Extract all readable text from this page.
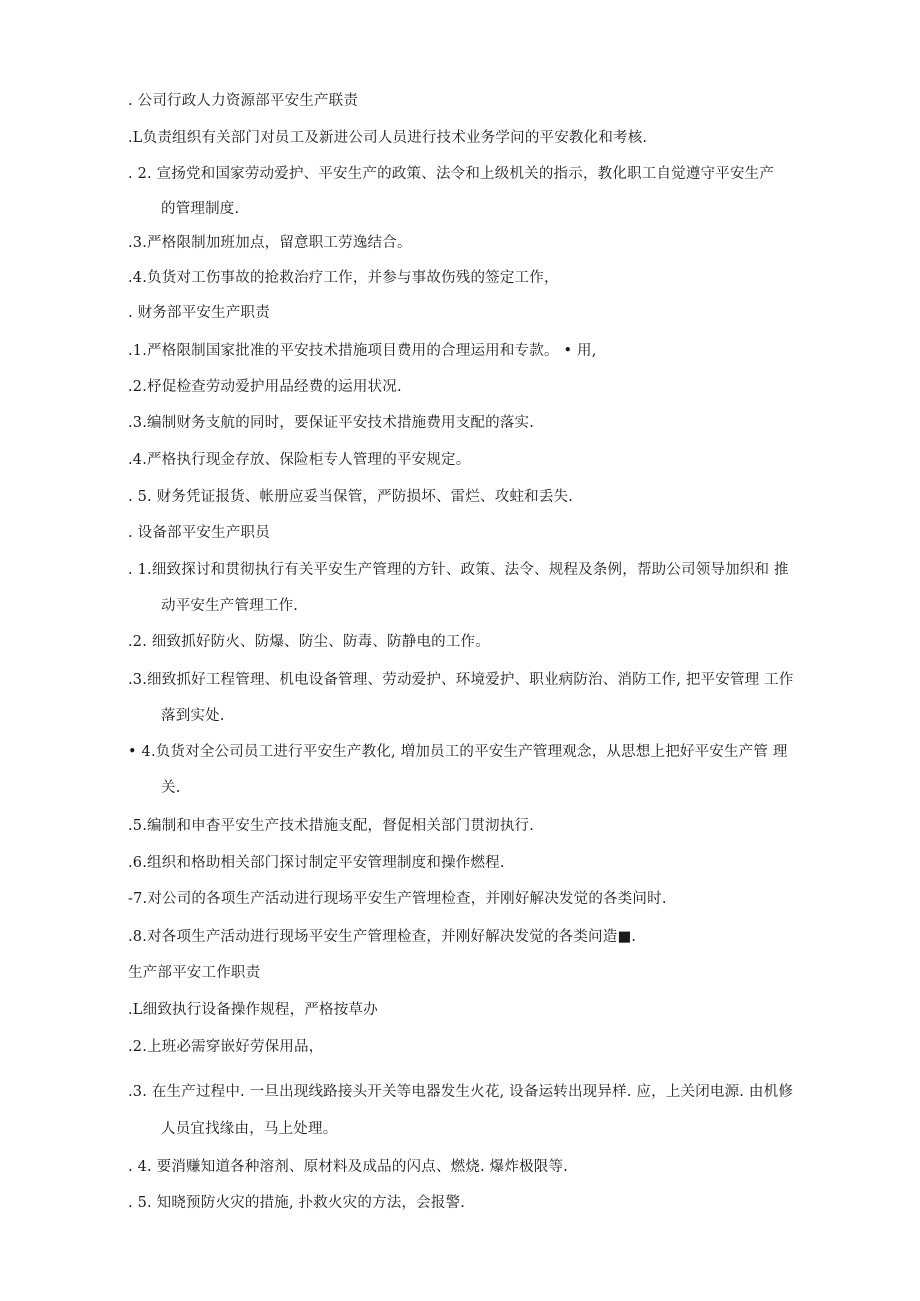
. 公司行政人力资源部平安生产联责
.L负责组织有关部门对员工及新进公司人员进行技术业务学问的平安教化和考核.
. 2. 宣扬党和国家劳动爱护、平安生产的政策、法令和上级机关的指示，教化职工自觉遵守平安生产
的管理制度.
.3.严格限制加班加点，留意职工劳逸结合。
.4.负货对工伤事故的抢救治疗工作，并参与事故伤残的签定工作，
. 财务部平安生产职责
.1.严格限制国家批准的平安技术措施项目费用的合理运用和专款。 • 用,
.2.杼促检查劳动爱护用品经费的运用状况.
.3.编制财务支航的同时，要保证平安技术措施费用支配的落实.
.4.严格执行现金存放、保险柜专人管理的平安规定。
. 5. 财务凭证报货、帐册应妥当保管，严防损坏、雷烂、攻蛀和丢失.
. 设备部平安生产职员
. 1.细致探讨和贯彻执行有关平安生产管理的方针、政策、法令、规程及条例，帮助公司领导加织和 推
动平安生产管理工作.
.2. 细致抓好防火、防爆、防尘、防毒、防静电的工作。
.3.细致抓好工程管理、机电设备管理、劳动爱护、环境爱护、职业病防治、消防工作, 把平安管理 工作
落到实处.
• 4.负货对全公司员工进行平安生产教化, 増加员工的平安生产管理观念，从思想上把好平安生产管 理
关.
.5.编制和申杳平安生产技术措施支配，督促相关部门贯沏执行.
.6.组织和格助相关部门探讨制定平安管理制度和操作燃程.
-7.对公司的各项生产活动进行现场平安生产管埋检查，并刚好解决发觉的各类问时.
.8.对各项生产活动进行现场平安生产管理检查，并刚好解决发觉的各类问造■.
生产部平安工作职责
.L细致执行设备操作规程，严格按草办
.2.上班必需穿嵌好劳保用品，
.3. 在生产过程中. 一旦出现线路接头开关等电器发生火花, 设备运转出现异样. 应，上关闭电源. 由机修
人员宜找缘由，马上处理。
. 4. 要消赚知道各种溶剂、原材料及成品的闪点、燃烧. 爆炸极限等.
. 5. 知晓预防火灾的措施, 扑救火灾的方法，会报警.
